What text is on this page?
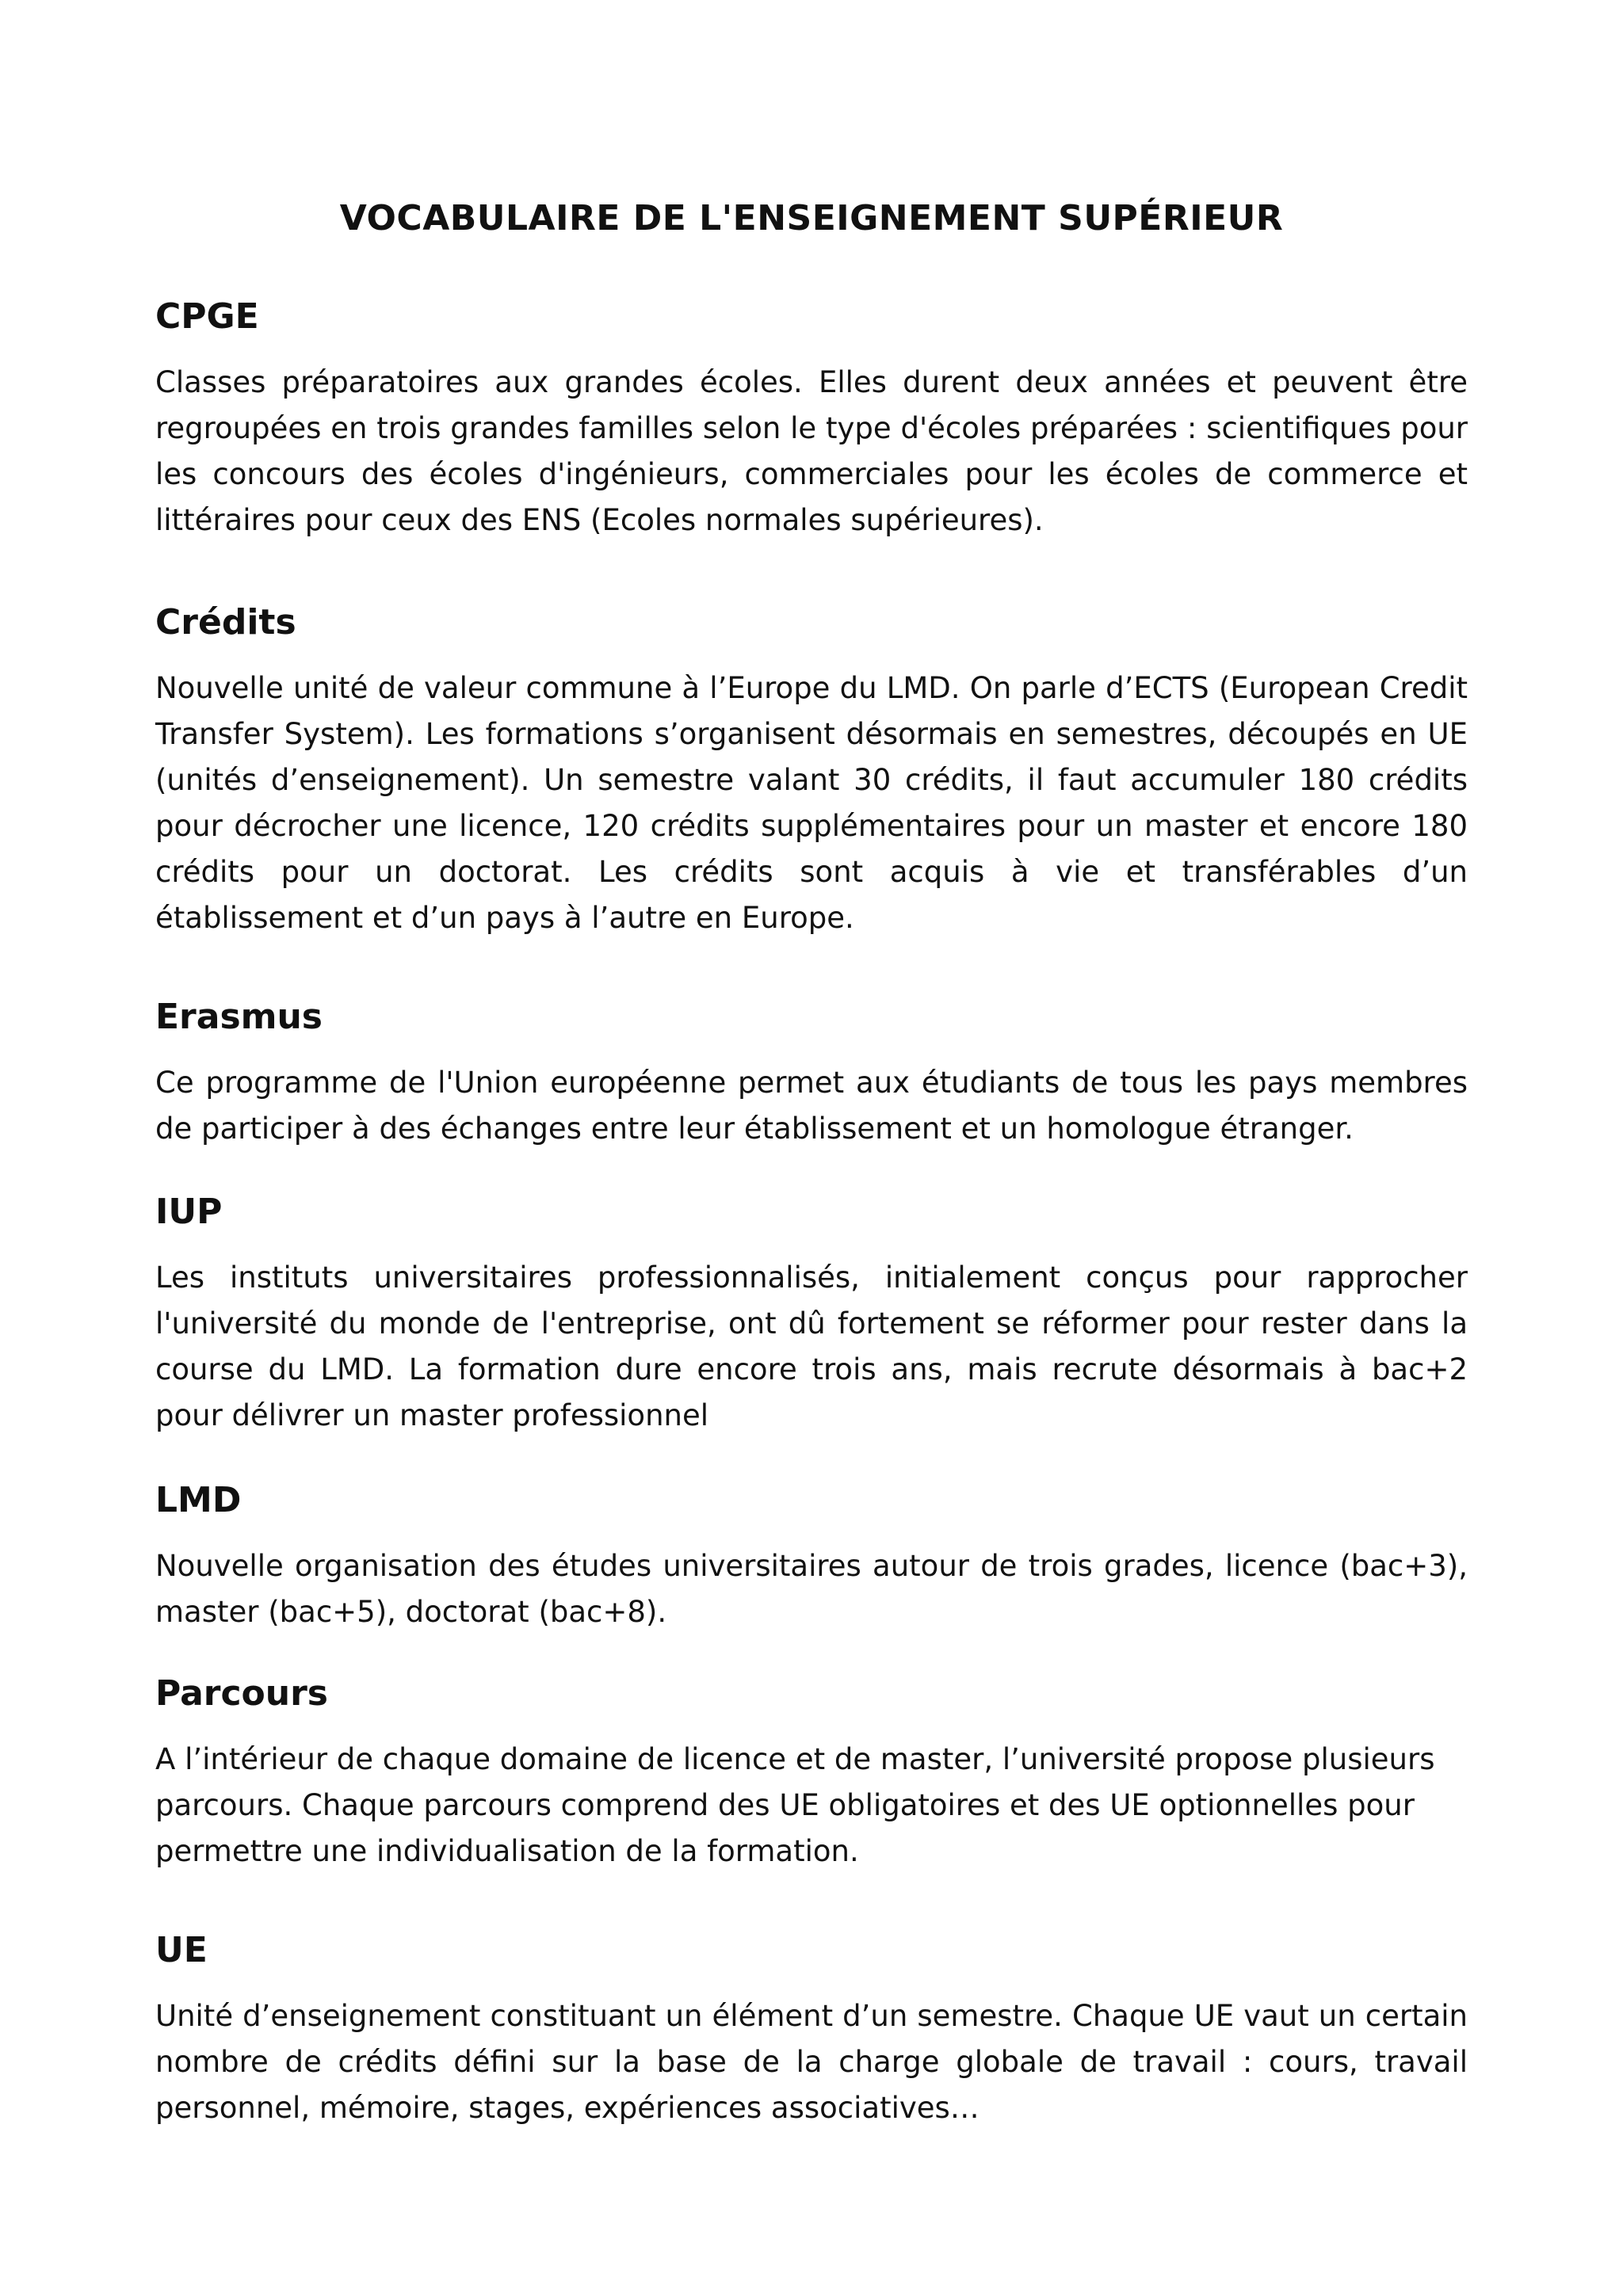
VOCABULAIRE DE L'ENSEIGNEMENT SUPÉRIEUR
CPGE

Classes préparatoires aux grandes écoles. Elles durent deux années et peuvent être regroupées en trois grandes familles selon le type d'écoles préparées : scientifiques pour les concours des écoles d'ingénieurs, commerciales pour les écoles de commerce et littéraires pour ceux des ENS (Ecoles normales supérieures).

Crédits

Nouvelle unité de valeur commune à l’Europe du LMD. On parle d’ECTS (European Credit Transfer System). Les formations s’organisent désormais en semestres, découpés en UE (unités d’enseignement). Un semestre valant 30 crédits, il faut accumuler 180 crédits pour décrocher une licence, 120 crédits supplémentaires pour un master et encore 180 crédits pour un doctorat. Les crédits sont acquis à vie et transférables d’un établissement et d’un pays à l’autre en Europe.

Erasmus

Ce programme de l'Union européenne permet aux étudiants de tous les pays membres de participer à des échanges entre leur établissement et un homologue étranger.

IUP

Les instituts universitaires professionnalisés, initialement conçus pour rapprocher l'université du monde de l'entreprise, ont dû fortement se réformer pour rester dans la course du LMD. La formation dure encore trois ans, mais recrute désormais à bac+2 pour délivrer un master professionnel

LMD

Nouvelle organisation des études universitaires autour de trois grades, licence (bac+3), master (bac+5), doctorat (bac+8).

Parcours

A l’intérieur de chaque domaine de licence et de master, l’université propose plusieurs parcours. Chaque parcours comprend des UE obligatoires et des UE optionnelles pour permettre une individualisation de la formation.

UE

Unité d’enseignement constituant un élément d’un semestre. Chaque UE vaut un certain nombre de crédits défini sur la base de la charge globale de travail : cours, travail personnel, mémoire, stages, expériences associatives…
